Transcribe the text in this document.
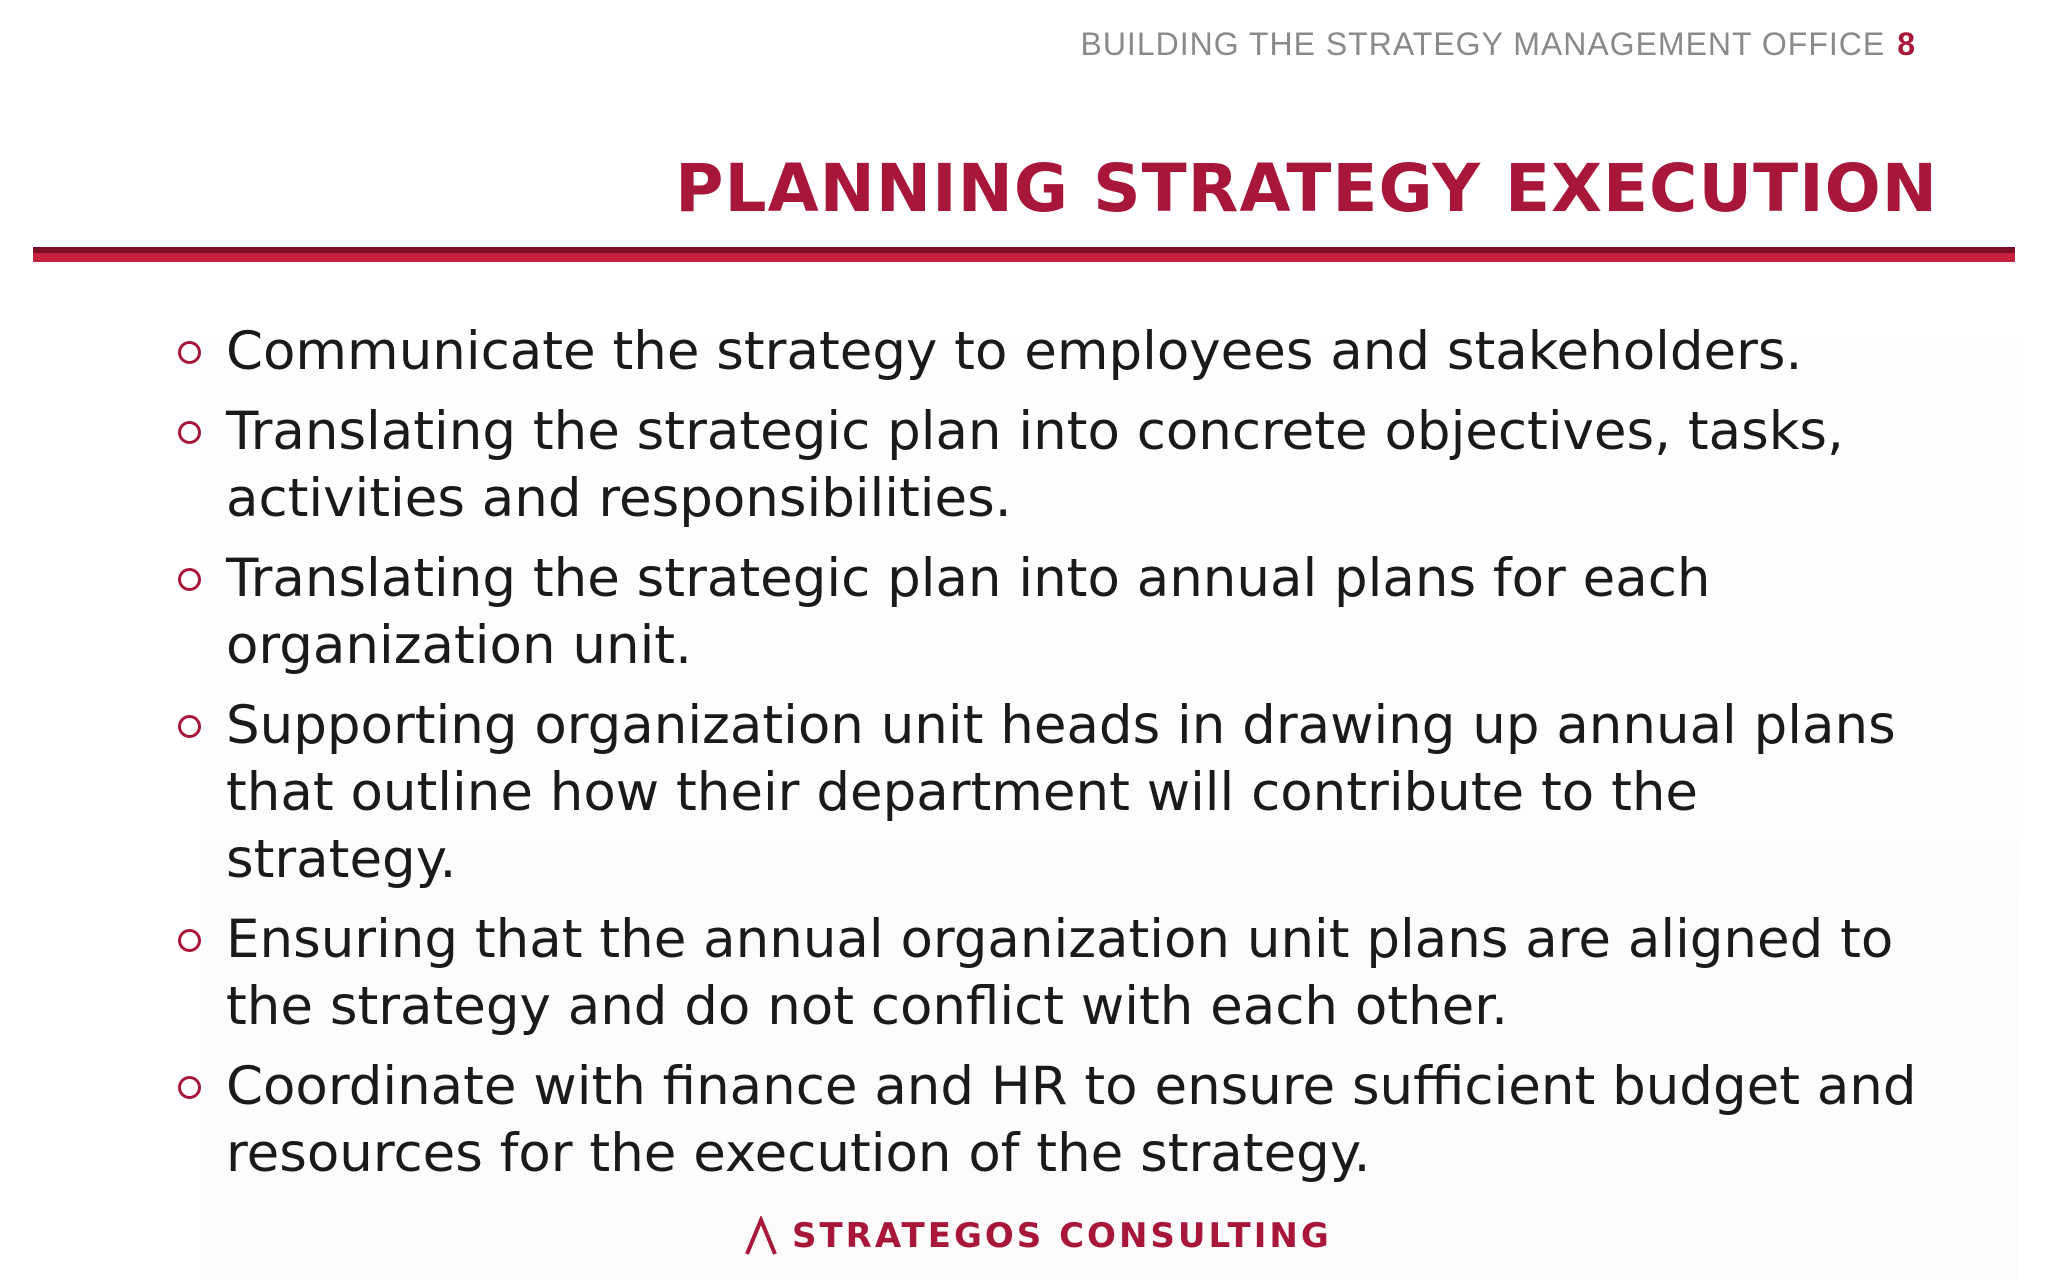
BUILDING THE STRATEGY MANAGEMENT OFFICE 8
PLANNING STRATEGY EXECUTION
Communicate the strategy to employees and stakeholders.
Translating the strategic plan into concrete objectives, tasks, activities and responsibilities.
Translating the strategic plan into annual plans for each organization unit.
Supporting organization unit heads in drawing up annual plans that outline how their department will contribute to the strategy.
Ensuring that the annual organization unit plans are aligned to the strategy and do not conflict with each other.
Coordinate with finance and HR to ensure sufficient budget and resources for the execution of the strategy.
STRATEGOS CONSULTING
